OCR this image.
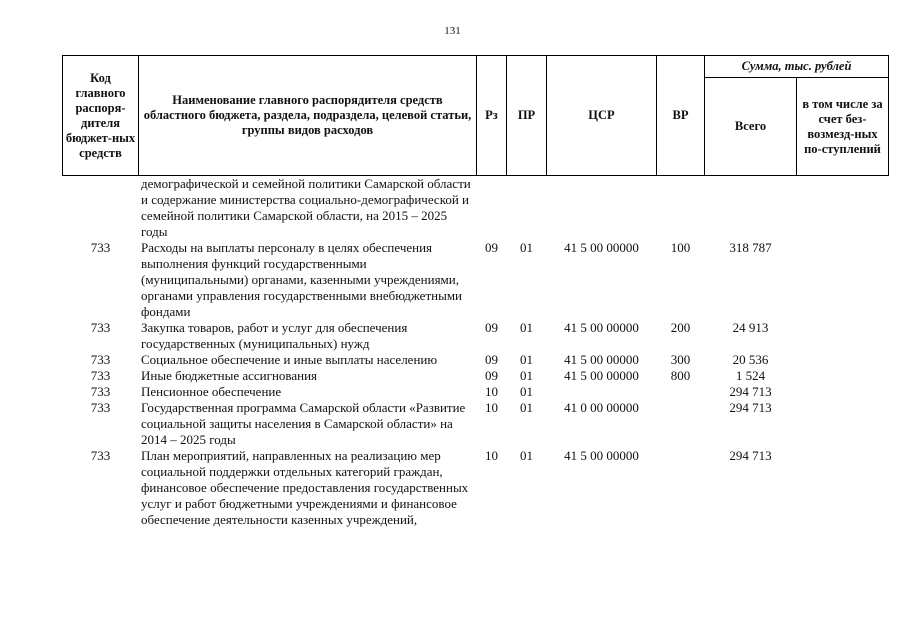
131
Код главного распоря-дителя бюджет-ных средств	Наименование главного распорядителя средств областного бюджета, раздела, подраздела, целевой статьи, группы видов расходов	Рз	ПР	ЦСР	ВР	Сумма, тыс. рублей	
						Всего	в том числе за счет без-возмезд-ных по-ступлений
	демографической и семейной политики Самарской области и содержание министерства социально-демографической и семейной политики Самарской области, на 2015 – 2025 годы						
733	Расходы на выплаты персоналу в целях обеспечения выполнения функций государственными (муниципальными) органами, казенными учреждениями, органами управления государственными внебюджетными фондами	09	01	41 5 00 00000	100	318 787	
733	Закупка товаров, работ и услуг для обеспечения государственных (муниципальных) нужд	09	01	41 5 00 00000	200	24 913	
733	Социальное обеспечение и иные выплаты населению	09	01	41 5 00 00000	300	20 536	
733	Иные бюджетные ассигнования	09	01	41 5 00 00000	800	1 524	
733	Пенсионное обеспечение	10	01			294 713	
733	Государственная программа Самарской области «Развитие социальной защиты населения в Самарской области» на 2014 – 2025 годы	10	01	41 0 00 00000		294 713	
733	План мероприятий, направленных на реализацию мер социальной поддержки отдельных категорий граждан, финансовое обеспечение предоставления государственных услуг и работ бюджетными учреждениями и финансовое обеспечение деятельности казенных учреждений,	10	01	41 5 00 00000		294 713	
